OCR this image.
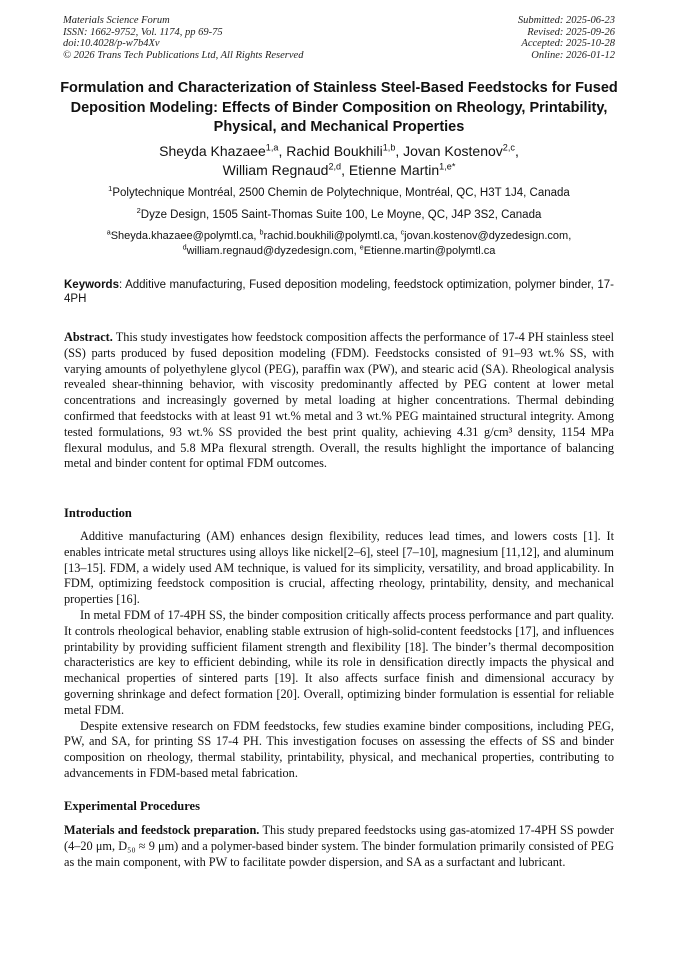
Materials Science Forum
ISSN: 1662-9752, Vol. 1174, pp 69-75
doi:10.4028/p-w7b4Xv
© 2026 Trans Tech Publications Ltd, All Rights Reserved
Submitted: 2025-06-23
Revised: 2025-09-26
Accepted: 2025-10-28
Online: 2026-01-12
Formulation and Characterization of Stainless Steel-Based Feedstocks for Fused Deposition Modeling: Effects of Binder Composition on Rheology, Printability, Physical, and Mechanical Properties
Sheyda Khazaee$^{1,a}$, Rachid Boukhili$^{1,b}$, Jovan Kostenov$^{2,c}$,
William Regnaud$^{2,d}$, Etienne Martin$^{1,e*}$
$^1$Polytechnique Montréal, 2500 Chemin de Polytechnique, Montréal, QC, H3T 1J4, Canada
$^2$Dyze Design, 1505 Saint-Thomas Suite 100, Le Moyne, QC, J4P 3S2, Canada
$^a$Sheyda.khazaee@polymtl.ca, $^b$rachid.boukhili@polymtl.ca, $^c$jovan.kostenov@dyzedesign.com,
$^d$william.regnaud@dyzedesign.com, $^e$Etienne.martin@polymtl.ca
Keywords: Additive manufacturing, Fused deposition modeling, feedstock optimization, polymer binder, 17-4PH

Abstract. This study investigates how feedstock composition affects the performance of 17-4 PH stainless steel (SS) parts produced by fused deposition modeling (FDM). Feedstocks consisted of 91–93 wt.% SS, with varying amounts of polyethylene glycol (PEG), paraffin wax (PW), and stearic acid (SA). Rheological analysis revealed shear-thinning behavior, with viscosity predominantly affected by PEG content at lower metal concentrations and increasingly governed by metal loading at higher concentrations. Thermal debinding confirmed that feedstocks with at least 91 wt.% metal and 3 wt.% PEG maintained structural integrity. Among tested formulations, 93 wt.% SS provided the best print quality, achieving 4.31 g/cm³ density, 1154 MPa flexural modulus, and 5.8 MPa flexural strength. Overall, the results highlight the importance of balancing metal and binder content for optimal FDM outcomes.

Introduction

Additive manufacturing (AM) enhances design flexibility, reduces lead times, and lowers costs [1]. It enables intricate metal structures using alloys like nickel[2–6], steel [7–10], magnesium [11,12], and aluminum [13–15]. FDM, a widely used AM technique, is valued for its simplicity, versatility, and broad applicability. In FDM, optimizing feedstock composition is crucial, affecting rheology, printability, density, and mechanical properties [16].

In metal FDM of 17-4PH SS, the binder composition critically affects process performance and part quality. It controls rheological behavior, enabling stable extrusion of high-solid-content feedstocks [17], and influences printability by providing sufficient filament strength and flexibility [18]. The binder’s thermal decomposition characteristics are key to efficient debinding, while its role in densification directly impacts the physical and mechanical properties of sintered parts [19]. It also affects surface finish and dimensional accuracy by governing shrinkage and defect formation [20]. Overall, optimizing binder formulation is essential for reliable metal FDM.

Despite extensive research on FDM feedstocks, few studies examine binder compositions, including PEG, PW, and SA, for printing SS 17-4 PH. This investigation focuses on assessing the effects of SS and binder composition on rheology, thermal stability, printability, physical, and mechanical properties, contributing to advancements in FDM-based metal fabrication.

Experimental Procedures

Materials and feedstock preparation. This study prepared feedstocks using gas-atomized 17-4PH SS powder (4–20 μm, D₅₀ ≈ 9 μm) and a polymer-based binder system. The binder formulation primarily consisted of PEG as the main component, with PW to facilitate powder dispersion, and SA as a surfactant and lubricant.
